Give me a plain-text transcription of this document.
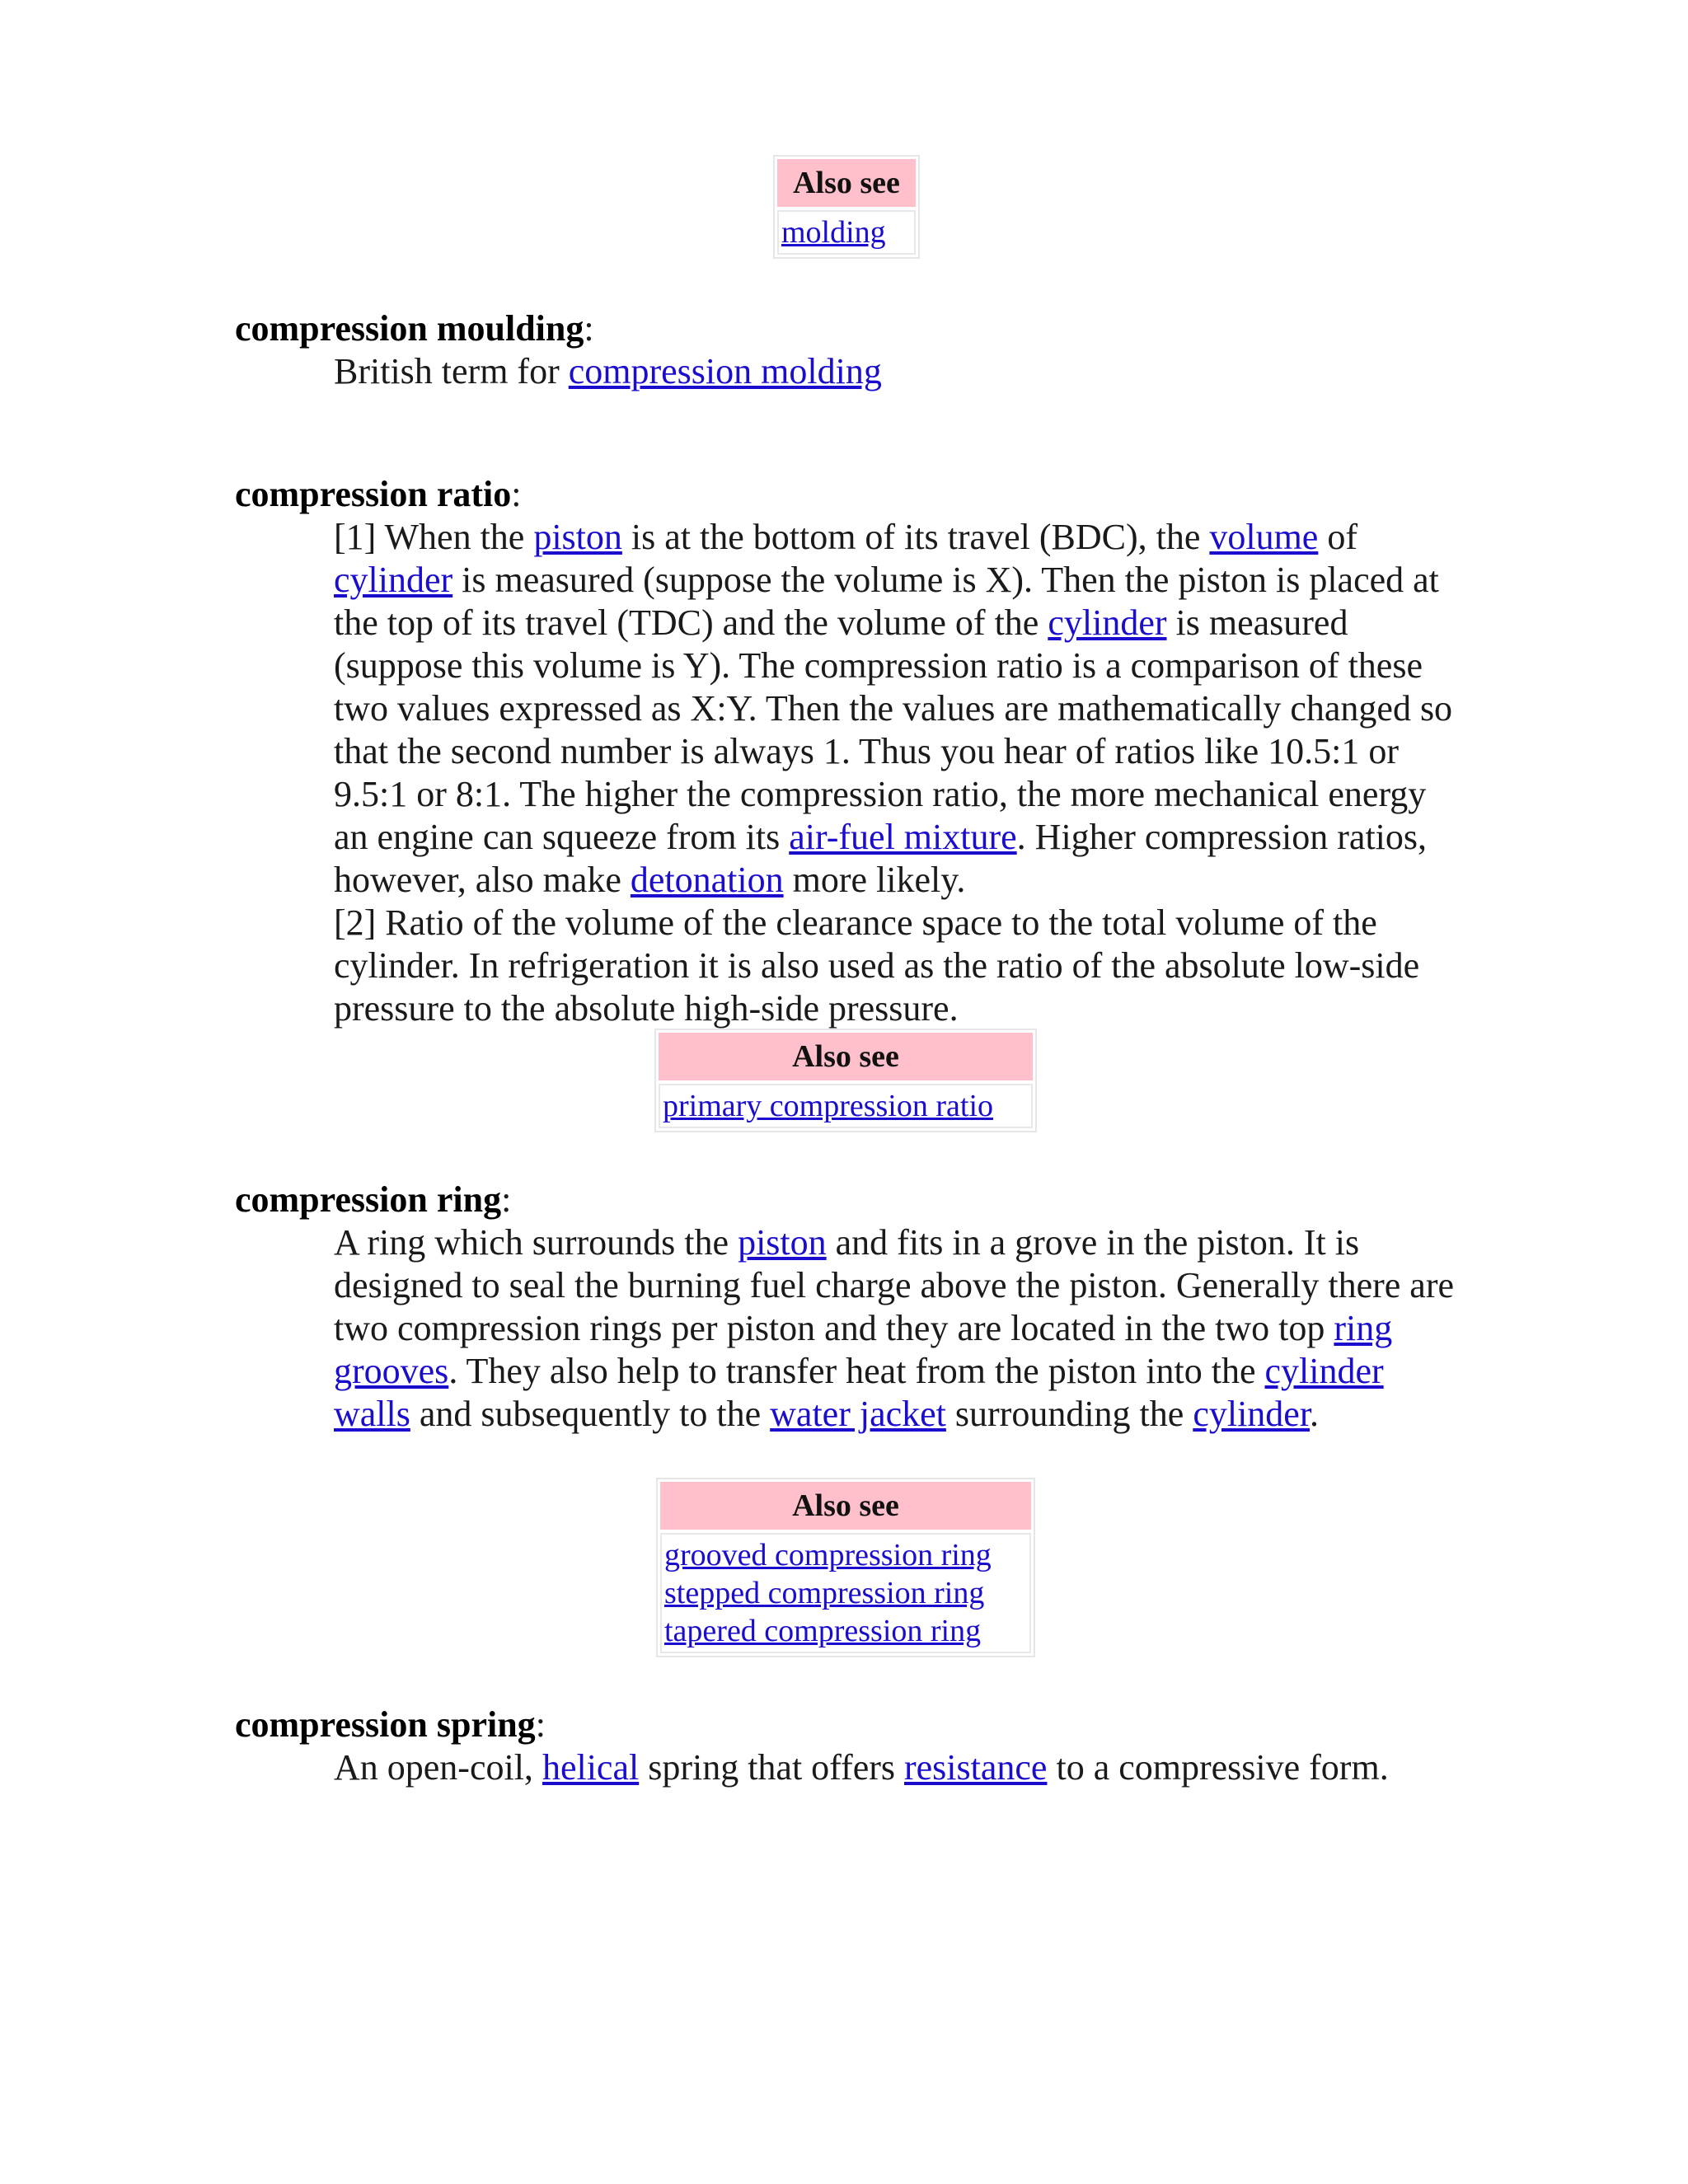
Also see
molding

compression moulding:

British term for compression molding

compression ratio:

[1] When the piston is at the bottom of its travel (BDC), the volume of cylinder is measured (suppose the volume is X). Then the piston is placed at the top of its travel (TDC) and the volume of the cylinder is measured (suppose this volume is Y). The compression ratio is a comparison of these two values expressed as X:Y. Then the values are mathematically changed so that the second number is always 1. Thus you hear of ratios like 10.5:1 or 9.5:1 or 8:1. The higher the compression ratio, the more mechanical energy an engine can squeeze from its air-fuel mixture. Higher compression ratios, however, also make detonation more likely.

[2] Ratio of the volume of the clearance space to the total volume of the cylinder. In refrigeration it is also used as the ratio of the absolute low-side pressure to the absolute high-side pressure.

Also see
primary compression ratio

compression ring:

A ring which surrounds the piston and fits in a grove in the piston. It is designed to seal the burning fuel charge above the piston. Generally there are two compression rings per piston and they are located in the two top ring grooves. They also help to transfer heat from the piston into the cylinder walls and subsequently to the water jacket surrounding the cylinder.

Also see
grooved compression ring
stepped compression ring
tapered compression ring

compression spring:

An open-coil, helical spring that offers resistance to a compressive form.
